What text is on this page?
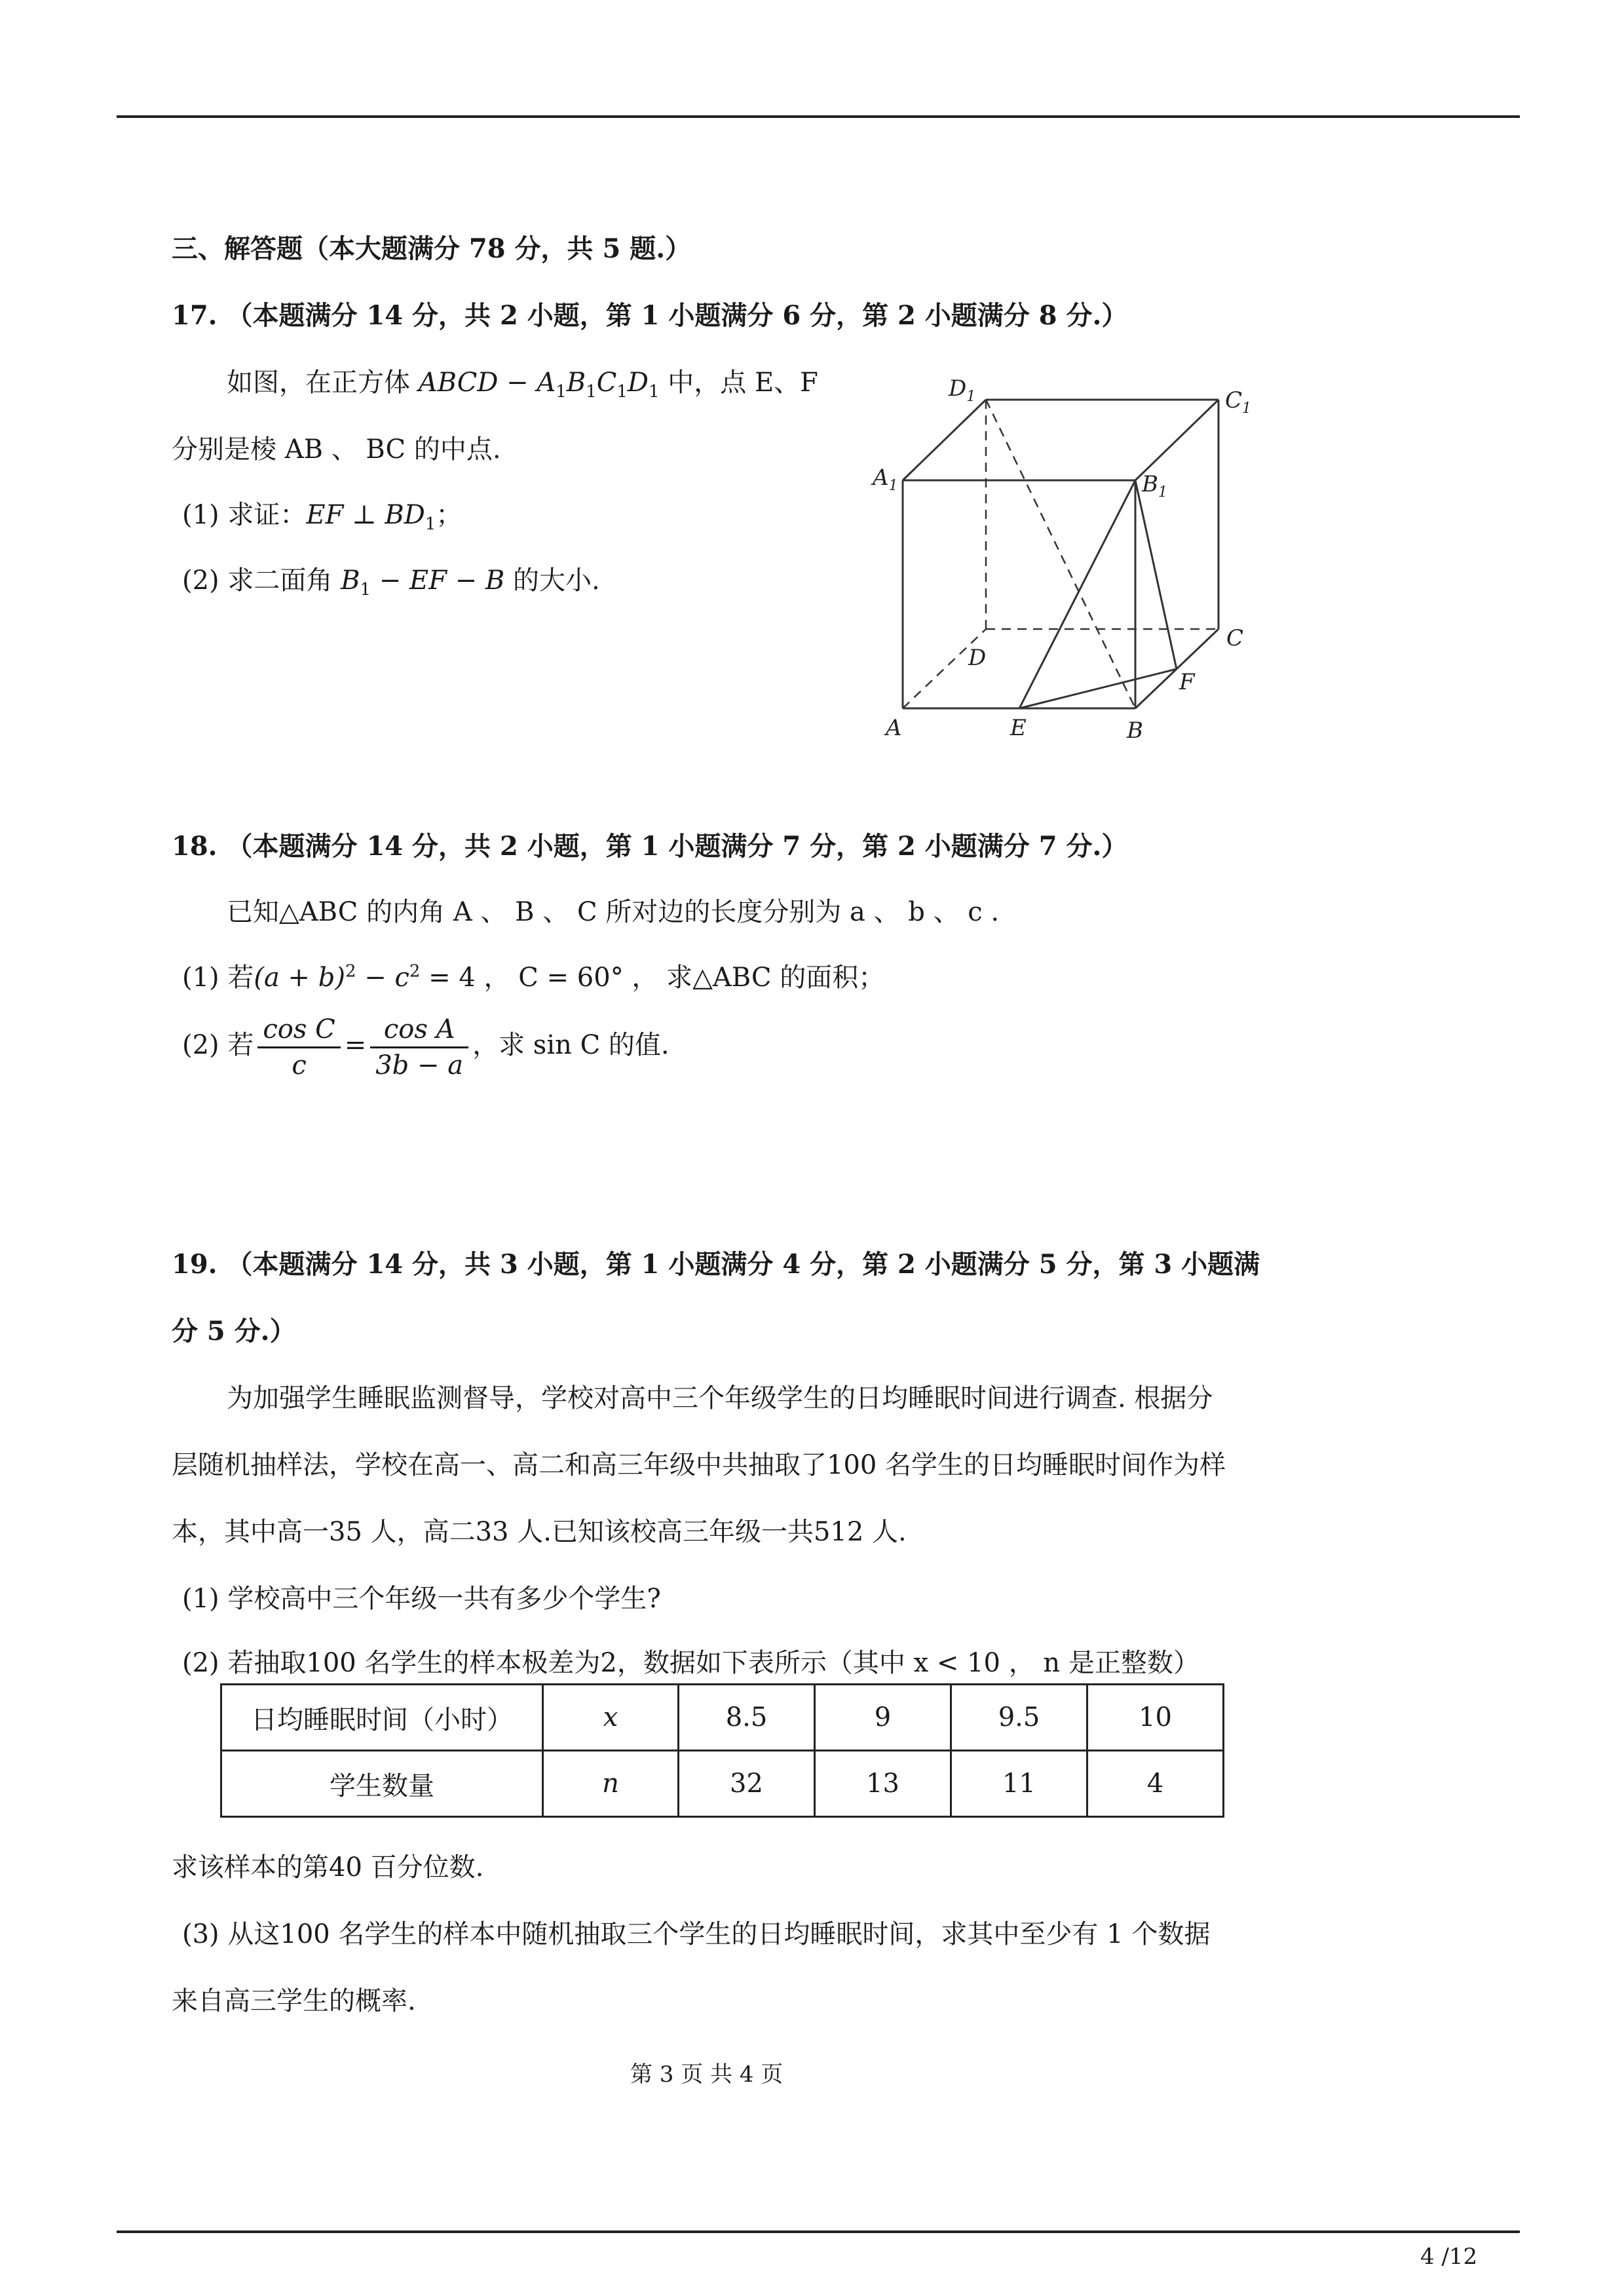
三、解答题（本大题满分 78 分，共 5 题.）
17. （本题满分 14 分，共 2 小题，第 1 小题满分 6 分，第 2 小题满分 8 分.）
如图，在正方体 ABCD − $A_1B_1C_1D_1$ 中，点 E、F
分别是棱 AB 、 BC 的中点.
(1) 求证：EF ⊥ $BD_1$；
(2) 求二面角 $B_1$ − EF − B 的大小.
$D_1$	$C_1$
$A_1$	$B_1$
C
D
F
A	E	B
18. （本题满分 14 分，共 2 小题，第 1 小题满分 7 分，第 2 小题满分 7 分.）
已知△ABC 的内角 A 、 B 、 C 所对边的长度分别为 a 、 b 、 c .
(1) 若$(a + b)^2 - c^2 = 4$ ， C = 60° ， 求△ABC 的面积；
(2) 若 $\frac{\text{cos C}}{c} = \frac{\text{cos A}}{3b - a}$ ，求 sin C 的值.
19. （本题满分 14 分，共 3 小题，第 1 小题满分 4 分，第 2 小题满分 5 分，第 3 小题满
分 5 分.）
为加强学生睡眠监测督导，学校对高中三个年级学生的日均睡眠时间进行调查. 根据分
层随机抽样法，学校在高一、高二和高三年级中共抽取了100 名学生的日均睡眠时间作为样
本，其中高一35 人，高二33 人.已知该校高三年级一共512 人.
(1) 学校高中三个年级一共有多少个学生?
(2) 若抽取100 名学生的样本极差为2，数据如下表所示（其中 x < 10 ， n 是正整数）
日均睡眠时间（小时）	x	8.5	9	9.5	10
学生数量	n	32	13	11	4
求该样本的第40 百分位数.
(3) 从这100 名学生的样本中随机抽取三个学生的日均睡眠时间，求其中至少有 1 个数据
来自高三学生的概率.
第 3 页 共 4 页
4 /12
